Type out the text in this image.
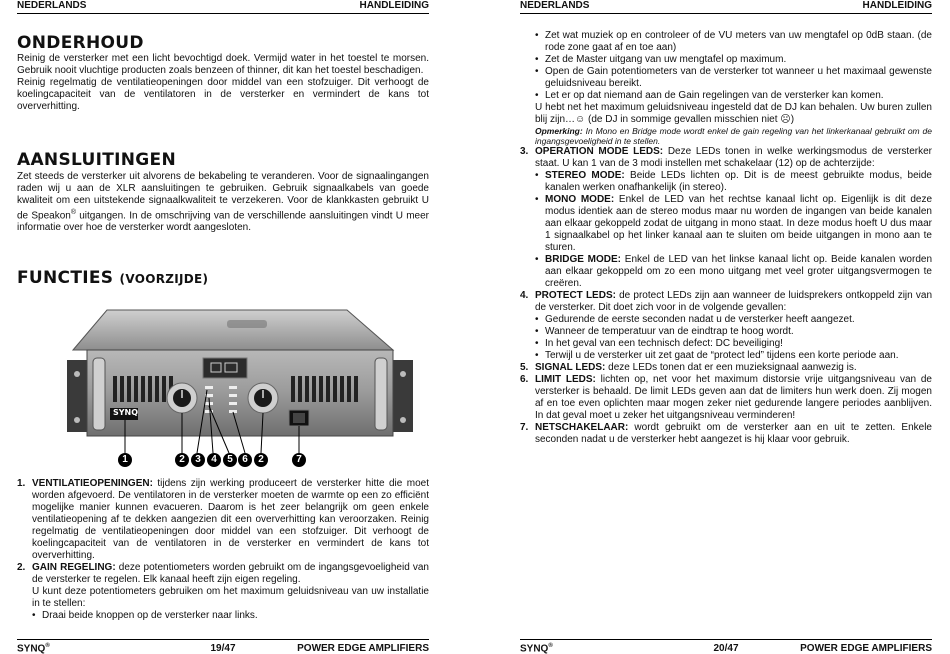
NEDERLANDS	HANDLEIDING
ONDERHOUD

Reinig de versterker met een licht bevochtigd doek. Vermijd water in het toestel te morsen. Gebruik nooit vluchtige producten zoals benzeen of thinner, dit kan het toestel beschadigen.

Reinig regelmatig de ventilatieopeningen door middel van een stofzuiger. Dit verhoogt de koelingcapaciteit van de ventilatoren in de versterker en vermindert de kans tot oververhitting.

AANSLUITINGEN
Zet steeds de versterker uit alvorens de bekabeling te veranderen. Voor de signaalingangen raden wij u aan de XLR aansluitingen te gebruiken. Gebruik signaalkabels van goede kwaliteit om een uitstekende signaalkwaliteit te verzekeren. Voor de klankkasten gebruikt U de Speakon® uitgangen. In de omschrijving van de verschillende aansluitingen vindt U meer informatie over hoe de versterker wordt aangesloten.
FUNCTIES (VOORZIJDE)
SYNQ
1	2	3	4	5 6	2	7
1. VENTILATIEOPENINGEN: tijdens zijn werking produceert de versterker hitte die moet worden afgevoerd. De ventilatoren in de versterker moeten de warmte op een zo efficiënt mogelijke manier kunnen evacueren. Daarom is het zeer belangrijk om geen enkele ventilatieopening af te dekken aangezien dit een oververhitting kan veroorzaken. Reinig regelmatig de ventilatieopeningen door middel van een stofzuiger. Dit verhoogt de koelingcapaciteit van de ventilatoren in de versterker en vermindert de kans tot oververhitting.
2. GAIN REGELING: deze potentiometers worden gebruikt om de ingangsgevoeligheid van de versterker te regelen. Elk kanaal heeft zijn eigen regeling.
U kunt deze potentiometers gebruiken om het maximum geluidsniveau van uw installatie in te stellen:
• Draai beide knoppen op de versterker naar links.
SYNQ®	19/47	POWER EDGE AMPLIFIERS
NEDERLANDS	HANDLEIDING
• Zet wat muziek op en controleer of de VU meters van uw mengtafel op 0dB staan. (de rode zone gaat af en toe aan)
• Zet de Master uitgang van uw mengtafel op maximum.
• Open de Gain potentiometers van de versterker tot wanneer u het maximaal gewenste geluidsniveau bereikt.
• Let er op dat niemand aan de Gain regelingen van de versterker kan komen.
U hebt net het maximum geluidsniveau ingesteld dat de DJ kan behalen. Uw buren zullen blij zijn…☺ (de DJ in sommige gevallen misschien niet ☹)
Opmerking: In Mono en Bridge mode wordt enkel de gain regeling van het linkerkanaal gebruikt om de ingangsgevoeligheid in te stellen.
3. OPERATION MODE LEDS: Deze LEDs tonen in welke werkingsmodus de versterker staat. U kan 1 van de 3 modi instellen met schakelaar (12) op de achterzijde:
• STEREO MODE: Beide LEDs lichten op. Dit is de meest gebruikte modus, beide kanalen werken onafhankelijk (in stereo).
• MONO MODE: Enkel de LED van het rechtse kanaal licht op. Eigenlijk is dit deze modus identiek aan de stereo modus maar nu worden de ingangen van beide kanalen aan elkaar gekoppeld zodat de uitgang in mono staat. In deze modus hoeft U dus maar 1 signaalkabel op het linker kanaal aan te sluiten om beide uitgangen in mono aan te sturen.
• BRIDGE MODE: Enkel de LED van het linkse kanaal licht op. Beide kanalen worden aan elkaar gekoppeld om zo een mono uitgang met veel groter uitgangsvermogen te creëren.
4. PROTECT LEDS: de protect LEDs zijn aan wanneer de luidsprekers ontkoppeld zijn van de versterker. Dit doet zich voor in de volgende gevallen:
• Gedurende de eerste seconden nadat u de versterker heeft aangezet.
• Wanneer de temperatuur van de eindtrap te hoog wordt.
• In het geval van een technisch defect: DC beveiliging!
• Terwijl u de versterker uit zet gaat de “protect led” tijdens een korte periode aan.
5. SIGNAL LEDS: deze LEDs tonen dat er een muzieksignaal aanwezig is.
6. LIMIT LEDS: lichten op, net voor het maximum distorsie vrije uitgangsniveau van de versterker is behaald. De limit LEDs geven aan dat de limiters hun werk doen. Zij mogen af en toe even oplichten maar mogen zeker niet gedurende langere periodes aanblijven. In dat geval moet u zeker het uitgangsniveau verminderen!
7. NETSCHAKELAAR: wordt gebruikt om de versterker aan en uit te zetten. Enkele seconden nadat u de versterker hebt aangezet is hij klaar voor gebruik.
SYNQ®	20/47	POWER EDGE AMPLIFIERS
